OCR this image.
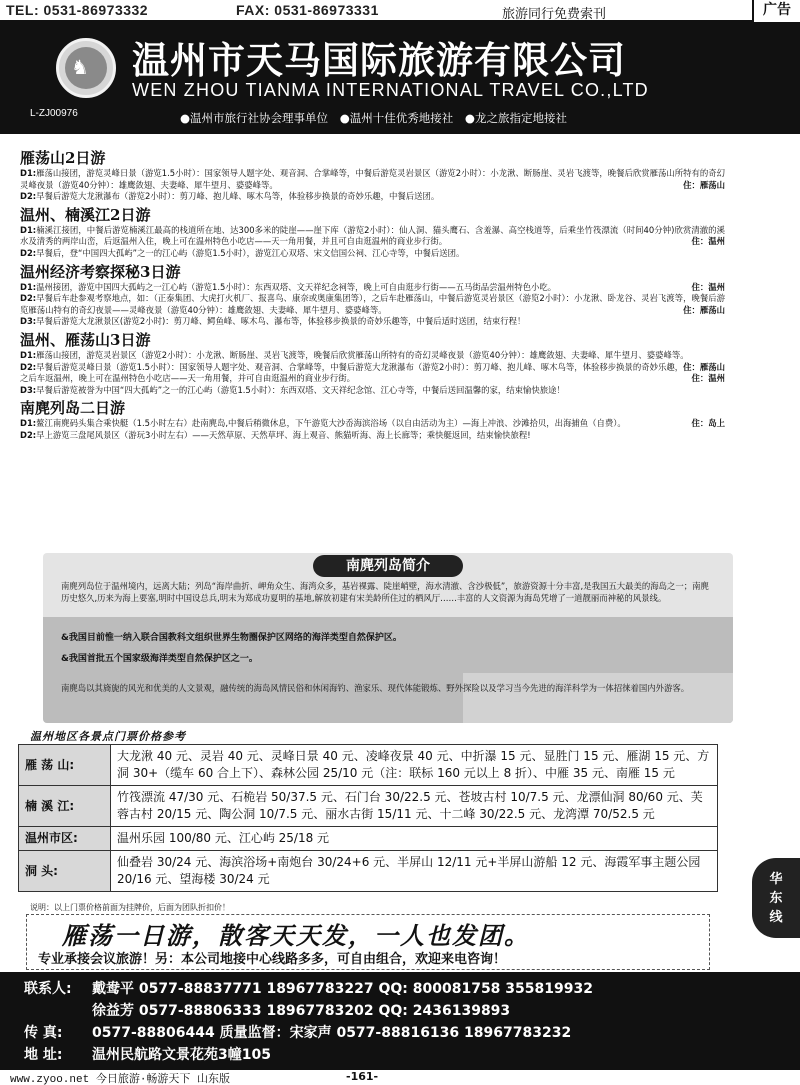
TEL: 0531-86973332	FAX: 0531-86973331	旅游同行免费索刊	广告
♞
L-ZJ00976
温州市天马国际旅游有限公司
WEN ZHOU TIANMA INTERNATIONAL TRAVEL CO.,LTD
●温州市旅行社协会理事单位 ●温州十佳优秀地接社 ●龙之旅指定地接社
雁荡山2日游
D1:雁荡山接团，游览灵峰日景（游览1.5小时）：国家领导人题字处、观音洞、合掌峰等，中餐后游览灵岩景区（游览2小时）：小龙湫、断肠崖、灵岩飞渡等，晚餐后欣赏雁荡山所特有的奇幻灵峰夜景（游览40分钟）：雄鹰敛翅、夫妻峰、犀牛望月、婆婆峰等。	住：雁荡山
D2:早餐后游览大龙湫瀑布（游览2小时）：剪刀峰、抱儿峰、啄木鸟等，体验移步换景的奇妙乐趣，中餐后送团。
温州、楠溪江2日游
D1:楠溪江接团，中餐后游览楠溪江最高的栈道所在地、达300多米的陡崖——崖下库（游览2小时）：仙人洞、猫头鹰石、含羞瀑、高空栈道等，后乘坐竹筏漂流（时间40分钟)欣赏清澈的溪水及清秀的两岸山峦，后返温州入住，晚上可在温州特色小吃店——天一角用餐，并且可自由逛温州的商业步行街。	住：温州
D2:早餐后，登“中国四大孤屿”之一的江心屿（游览1.5小时），游览江心双塔、宋文信国公祠、江心寺等，中餐后送团。
温州经济考察探秘3日游
D1:温州接团，游览中国四大孤屿之一江心屿（游览1.5小时）：东西双塔、文天祥纪念祠等，晚上可自由逛步行街——五马街品尝温州特色小吃。	住：温州
D2:早餐后车赴参观考察地点，如：（正泰集团、大虎打火机厂、报喜鸟、康奈或奥康集团等），之后车赴雁荡山，中餐后游览灵岩景区（游览2小时）：小龙湫、卧龙谷、灵岩飞渡等，晚餐后游览雁荡山特有的奇幻夜景——灵峰夜景（游览40分钟）：雄鹰敛翅、夫妻峰、犀牛望月、婆婆峰等。	住：雁荡山
D3:早餐后游览大龙湫景区(游览2小时)：剪刀峰、鳄鱼峰、啄木鸟、瀑布等，体验移步换景的奇妙乐趣等，中餐后适时送团，结束行程！
温州、雁荡山3日游
D1:雁荡山接团，游览灵岩景区（游览2小时）：小龙湫、断肠崖、灵岩飞渡等，晚餐后欣赏雁荡山所特有的奇幻灵峰夜景（游览40分钟）：雄鹰敛翅、夫妻峰、犀牛望月、婆婆峰等。
住：雁荡山
D2:早餐后游览灵峰日景（游览1.5小时）：国家领导人题字处、观音洞、合掌峰等，中餐后游览大龙湫瀑布（游览2小时）：剪刀峰、抱儿峰、啄木鸟等，体验移步换景的奇妙乐趣，之后车返温州，晚上可在温州特色小吃店——天一角用餐，并可自由逛温州的商业步行街。	住：温州
D3:早餐后游览被誉为中国“四大孤屿”之一的江心屿（游览1.5小时）：东西双塔、文天祥纪念馆、江心寺等，中餐后送回温馨的家，结束愉快旅途！
南麂列岛二日游
D1:鳌江南麂码头集合乘快艇（1.5小时左右）赴南麂岛,中餐后稍微休息，下午游览大沙岙海滨浴场（以自由活动为主）—海上冲浪、沙滩拾贝，出海捕鱼（自费）。	住：岛上
D2:早上游览三盘尾风景区（游玩3小时左右）——天然草原、天然草坪、海上观音、熊猫听海、海上长廊等；乘快艇返回，结束愉快旅程!
南麂列岛简介
南麂列岛位于温州境内，远离大陆；列岛“海岸曲折、岬角众生、海湾众多，基岩裸露、陡崖峭壁，海水清澈、含沙极低”，旅游资源十分丰富,是我国五大最美的海岛之一；南麂历史悠久,历来为海上要塞,明时中国设总兵,明末为郑成功夏明的基地,解放初建有宋美龄所住过的栖风厅……丰富的人文资源为海岛凭增了一道靓丽而神秘的风景线。
&我国目前惟一纳入联合国教科文组织世界生物圈保护区网络的海洋类型自然保护区。
&我国首批五个国家级海洋类型自然保护区之一。
南麂岛以其旖旎的风光和优美的人文景观，融传统的海岛风情民俗和休闲海钓、渔家乐、现代体能锻炼、野外探险以及学习当今先进的海洋科学为一体招徕着国内外游客。
温州地区各景点门票价格参考
雁 荡 山:	大龙湫 40 元、灵岩 40 元、灵峰日景 40 元、凌峰夜景 40 元、中折瀑 15 元、显胜门 15 元、雁湖 15 元、方洞 30+（缆车 60 合上下）、森林公园 25/10 元（注：联标 160 元以上 8 折）、中雁 35 元、南雁 15 元
楠 溪 江:	竹筏漂流 47/30 元、石桅岩 50/37.5 元、石门台 30/22.5 元、苍坡古村 10/7.5 元、龙漂仙洞 80/60 元、芙蓉古村 20/15 元、陶公洞 10/7.5 元、丽水古街 15/11 元、十二峰 30/22.5 元、龙湾潭 70/52.5 元
温州市区:	温州乐园 100/80 元、江心屿 25/18 元
洞 头:	仙叠岩 30/24 元、海滨浴场+南炮台 30/24+6 元、半屏山 12/11 元+半屏山游船 12 元、海霞军事主题公园 20/16 元、望海楼 30/24 元
说明：以上门票价格前面为挂牌价，后面为团队折扣价！
雁荡一日游，散客天天发，一人也发团。
专业承接会议旅游！另：本公司地接中心线路多多，可自由组合，欢迎来电咨询！
华
东
线
联系人: 戴鸯平 0577-88837771 18967783227 QQ: 800081758 355819932
徐益芳 0577-88806333 18967783202 QQ: 2436139893
传 真: 0577-88806444 质量监督：宋家声 0577-88816136 18967783232
地 址: 温州民航路文景花苑3幢105
www.zyoo.net 今日旅游·畅游天下 山东版	-161-
